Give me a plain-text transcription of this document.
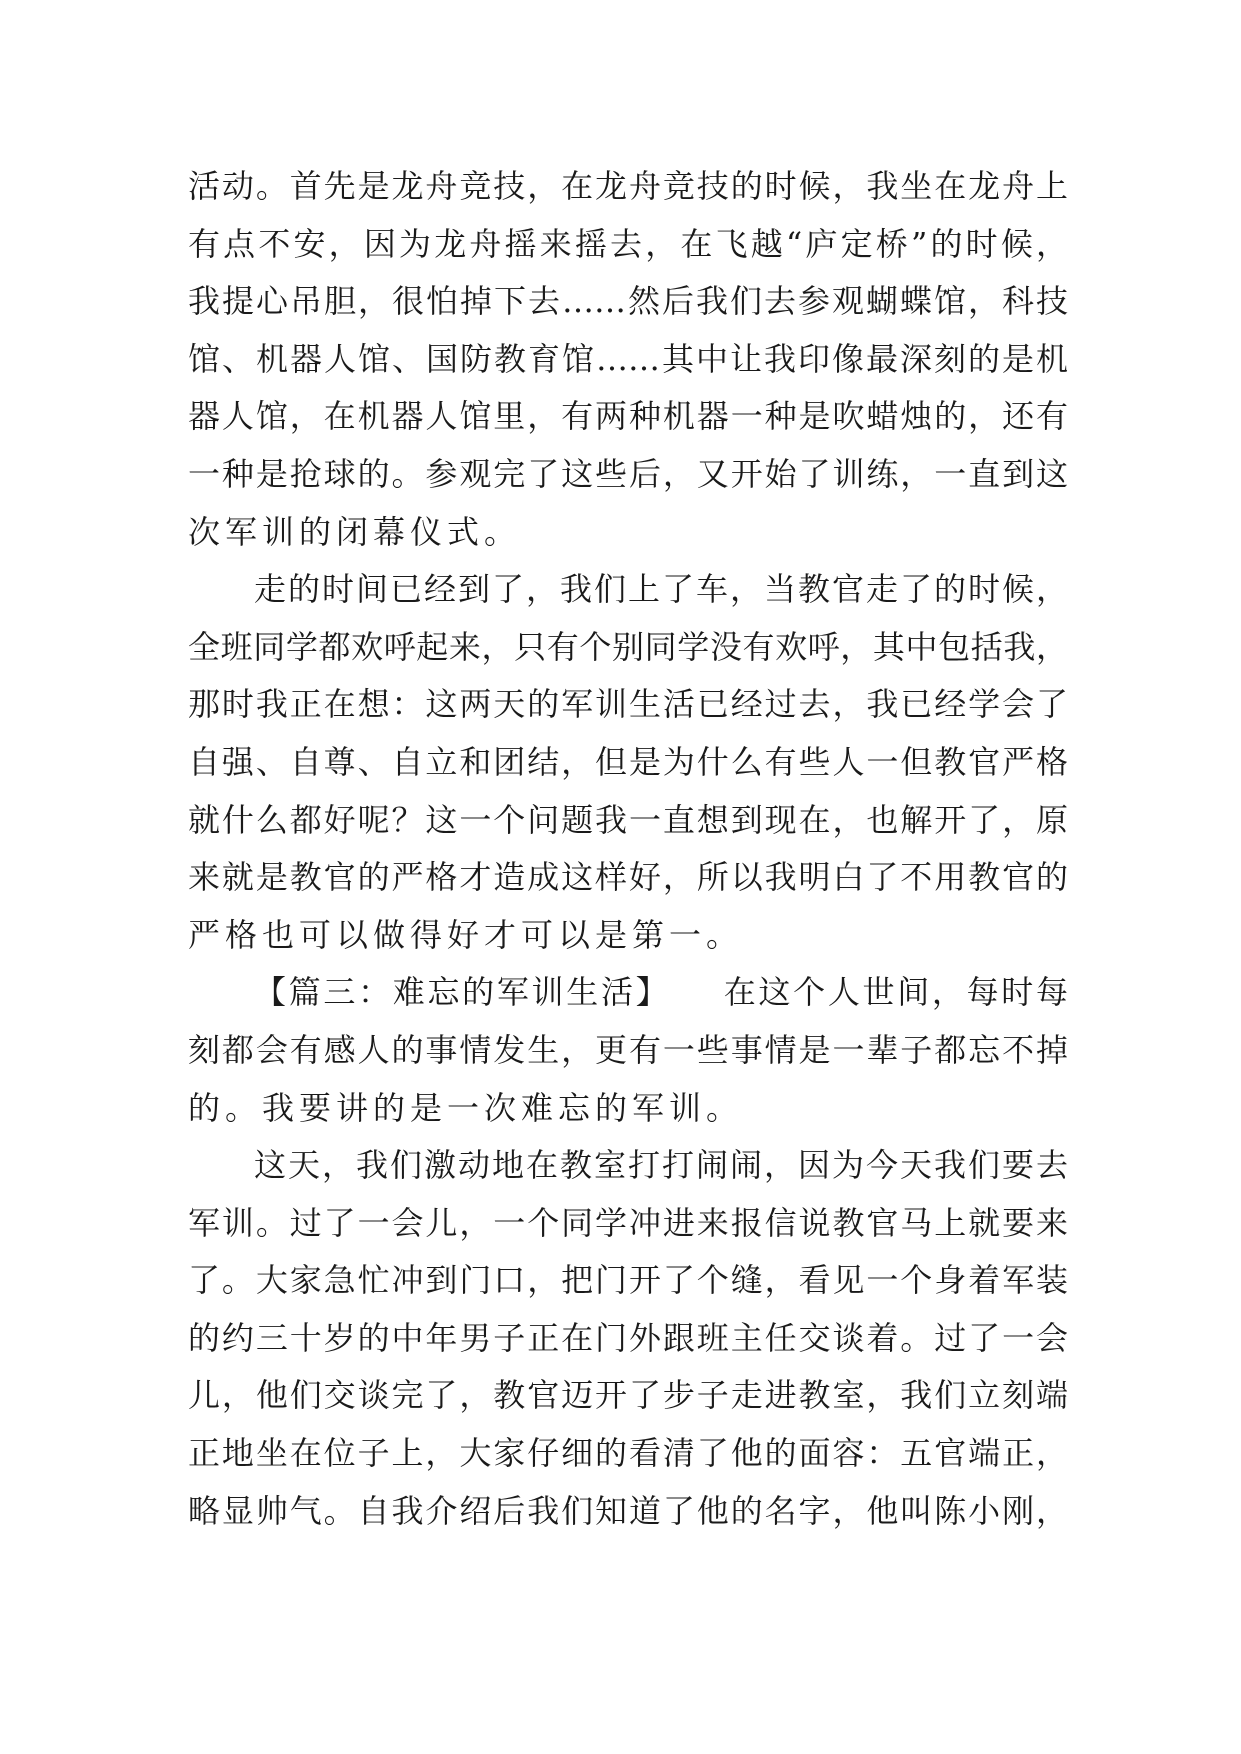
活动。首先是龙舟竞技，在龙舟竞技的时候，我坐在龙舟上
有点不安，因为龙舟摇来摇去，在飞越“庐定桥”的时候，
我提心吊胆，很怕掉下去……然后我们去参观蝴蝶馆，科技
馆、机器人馆、国防教育馆……其中让我印像最深刻的是机
器人馆，在机器人馆里，有两种机器一种是吹蜡烛的，还有
一种是抢球的。参观完了这些后，又开始了训练，一直到这
次军训的闭幕仪式。
走的时间已经到了，我们上了车，当教官走了的时候，
全班同学都欢呼起来，只有个别同学没有欢呼，其中包括我，
那时我正在想：这两天的军训生活已经过去，我已经学会了
自强、自尊、自立和团结，但是为什么有些人一但教官严格
就什么都好呢？这一个问题我一直想到现在，也解开了，原
来就是教官的严格才造成这样好，所以我明白了不用教官的
严格也可以做得好才可以是第一。
【篇三：难忘的军训生活】　　在这个人世间，每时每
刻都会有感人的事情发生，更有一些事情是一辈子都忘不掉
的。我要讲的是一次难忘的军训。
这天，我们激动地在教室打打闹闹，因为今天我们要去
军训。过了一会儿，一个同学冲进来报信说教官马上就要来
了。大家急忙冲到门口，把门开了个缝，看见一个身着军装
的约三十岁的中年男子正在门外跟班主任交谈着。过了一会
儿，他们交谈完了，教官迈开了步子走进教室，我们立刻端
正地坐在位子上，大家仔细的看清了他的面容：五官端正，
略显帅气。自我介绍后我们知道了他的名字，他叫陈小刚，
